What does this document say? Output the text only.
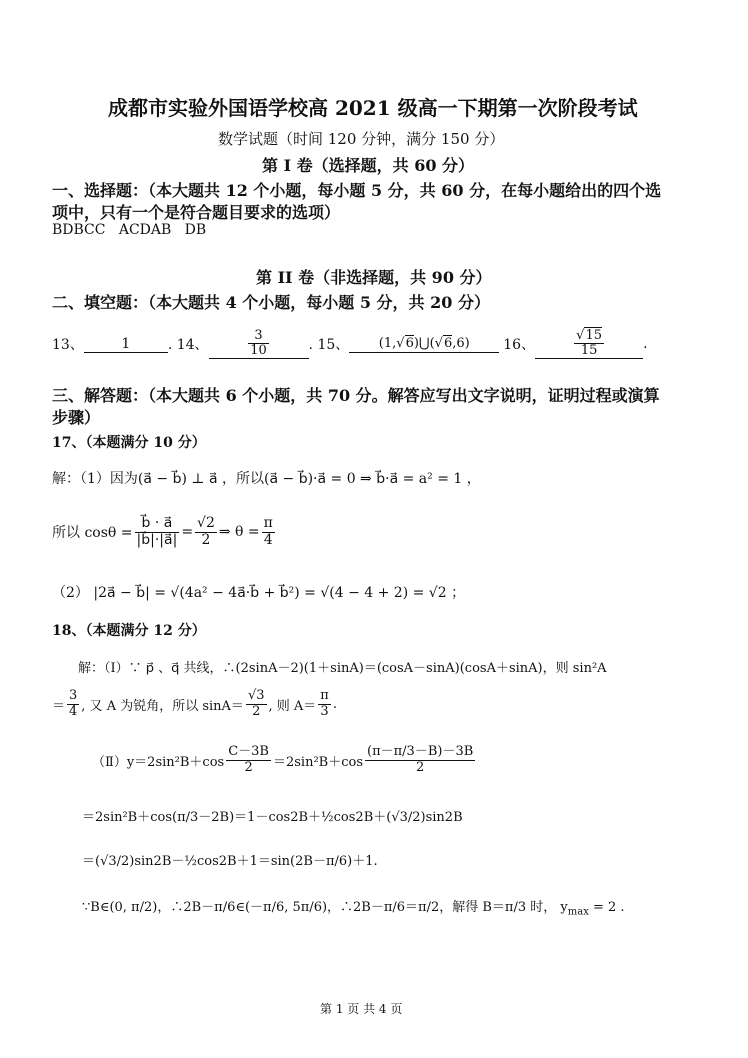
成都市实验外国语学校高 2021 级高一下期第一次阶段考试
数学试题（时间 120 分钟，满分 150 分）
第 I 卷（选择题，共 60 分）
一、选择题：（本大题共 12 个小题，每小题 5 分，共 60 分，在每小题给出的四个选
项中，只有一个是符合题目要求的选项）
BDBCC   ACDAB   DB
第 II 卷（非选择题，共 90 分）
二、填空题：（本大题共 4 个小题，每小题 5 分，共 20 分）
13、	1	. 14、	$\frac{3}{10}$	. 15、	(1,√6)⋃(√6,6)	16、	$\frac{√15}{15}$	.
三、解答题：（本大题共 6 个小题，共 70 分。解答应写出文字说明，证明过程或演算
步骤）
17、（本题满分 10 分）
解：（1）因为(a⃗ − b⃗) ⊥ a⃗ ，所以(a⃗ − b⃗)·a⃗ = 0 ⇒ b⃗·a⃗ = a² = 1 ，
所以 $\cos\theta = \frac{b⃗ \cdot a⃗}{|b⃗|\cdot|a⃗|} = \frac{√2}{2}$ ⇒ $\theta = \frac{\pi}{4}$
（2） |2a⃗ − b⃗| = √(4a² − 4a⃗·b⃗ + b⃗²) = √(4 − 4 + 2) = √2 ；
18、（本题满分 12 分）
解：（Ⅰ）∵ p⃗ 、q⃗ 共线，∴(2sinA－2)(1＋sinA)＝(cosA－sinA)(cosA＋sinA)，则 sin²A
＝ $\frac{3}{4}$ , 又 A 为锐角，所以 $\sin A= \frac{√3}{2}$ , 则 $A= \frac{\pi}{3}$ .
（Ⅱ）y＝2sin²B＋cos $\frac{C-3B}{2} =2\sin^2B+\cos \frac{(\pi-\pi/3-B)-3B}{2}$
＝2sin²B＋cos(π/3－2B)＝1－cos2B＋½cos2B＋(√3/2)sin2B
＝(√3/2)sin2B－½cos2B＋1＝sin(2B－π/6)＋1.
∵B∈(0, π/2)，∴2B－π/6∈(－π/6, 5π/6)，∴2B－π/6＝π/2，解得 B＝π/3 时， $y_{max} = 2$ .
第 1 页 共 4 页
